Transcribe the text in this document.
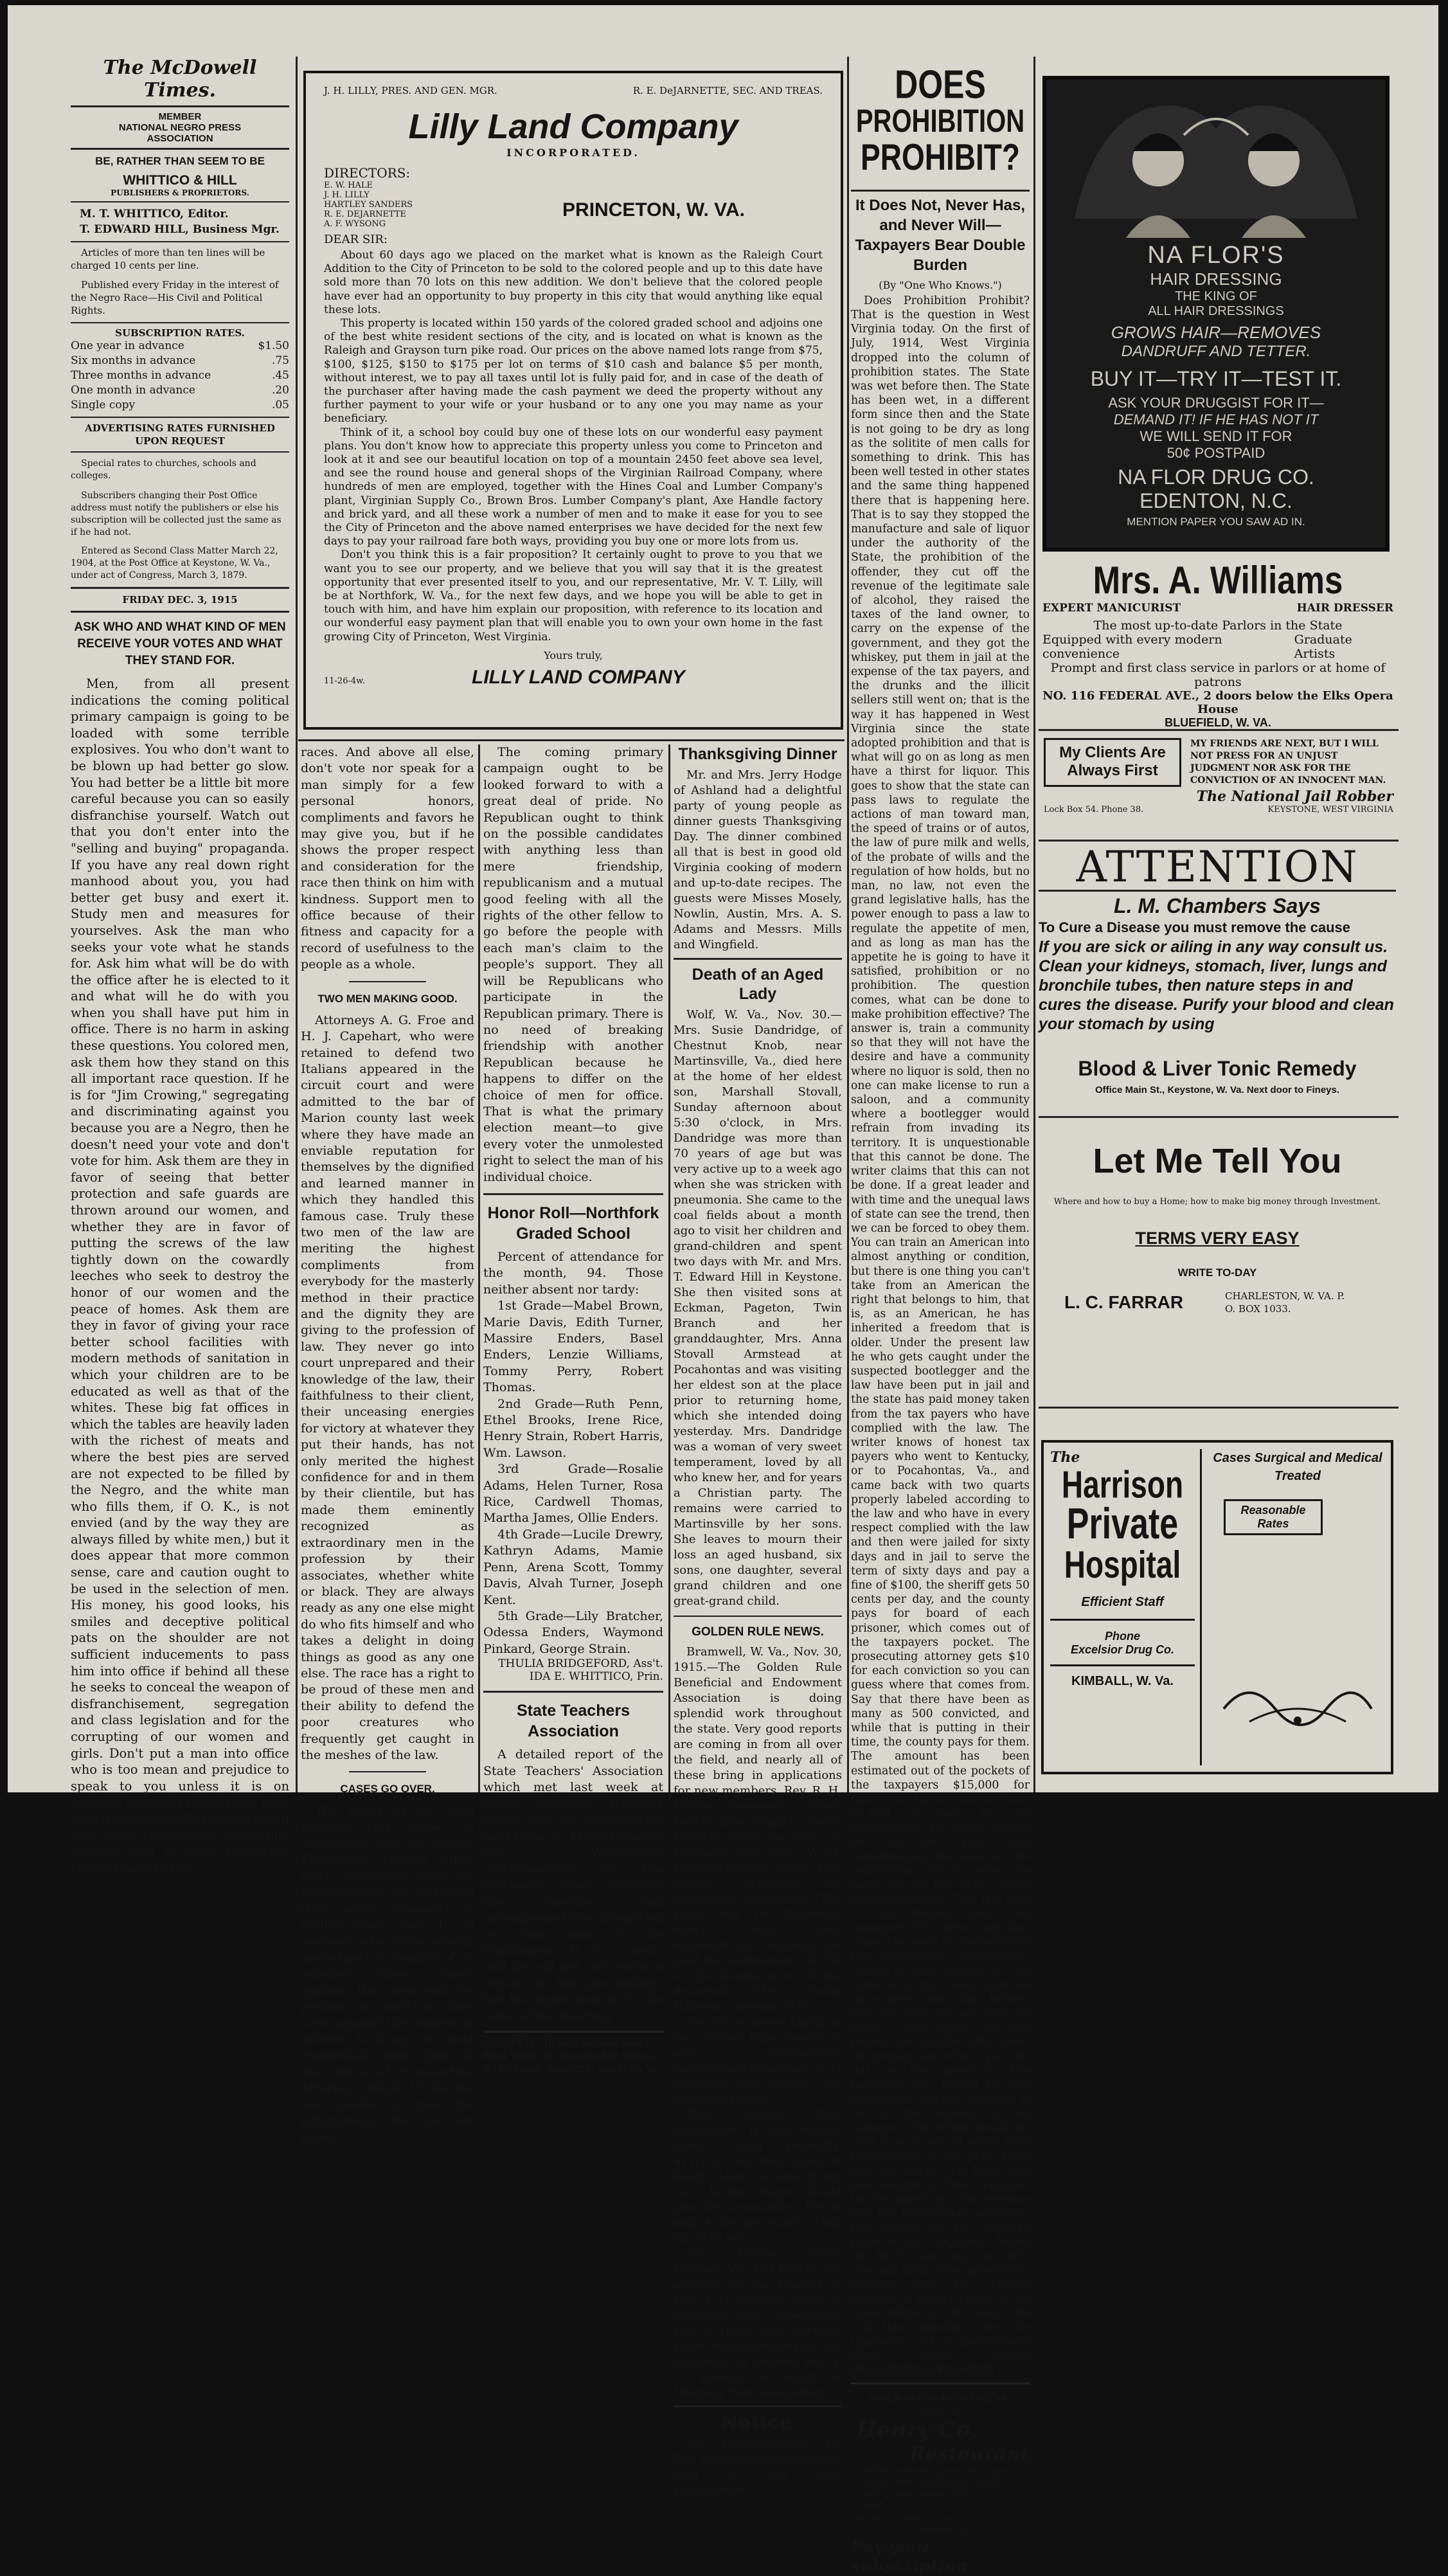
The McDowell Times.
MEMBER
NATIONAL NEGRO PRESS
ASSOCIATION
BE, RATHER THAN SEEM TO BE
WHITTICO & HILL
PUBLISHERS & PROPRIETORS.
M. T. WHITTICO, Editor.
T. EDWARD HILL, Business Mgr.

Articles of more than ten lines will be charged 10 cents per line.

Published every Friday in the interest of the Negro Race—His Civil and Political Rights.

SUBSCRIPTION RATES.
One year in advance	$1.50
Six months in advance	.75
Three months in advance	.45
One month in advance	.20
Single copy	.05
ADVERTISING RATES FURNISHED UPON REQUEST

Special rates to churches, schools and colleges.

Subscribers changing their Post Office address must notify the publishers or else his subscription will be collected just the same as if he had not.

Entered as Second Class Matter March 22, 1904, at the Post Office at Keystone, W. Va., under act of Congress, March 3, 1879.

FRIDAY DEC. 3, 1915
ASK WHO AND WHAT KIND OF MEN RECEIVE YOUR VOTES AND WHAT THEY STAND FOR.

Men, from all present indications the coming political primary campaign is going to be loaded with some terrible explosives. You who don't want to be blown up had better go slow. You had better be a little bit more careful because you can so easily disfranchise yourself. Watch out that you don't enter into the "selling and buying" propaganda. If you have any real down right manhood about you, you had better get busy and exert it. Study men and measures for yourselves. Ask the man who seeks your vote what he stands for. Ask him what will be do with the office after he is elected to it and what will he do with you when you shall have put him in office. There is no harm in asking these questions. You colored men, ask them how they stand on this all important race question. If he is for "Jim Crowing," segregating and discriminating against you because you are a Negro, then he doesn't need your vote and don't vote for him. Ask them are they in favor of seeing that better protection and safe guards are thrown around our women, and whether they are in favor of putting the screws of the law tightly down on the cowardly leeches who seek to destroy the honor of our women and the peace of homes. Ask them are they in favor of giving your race better school facilities with modern methods of sanitation in which your children are to be educated as well as that of the whites. These big fat offices in which the tables are heavily laden with the richest of meats and where the best pies are served are not expected to be filled by the Negro, and the white man who fills them, if O. K., is not envied (and by the way they are always filled by white men,) but it does appear that more common sense, care and caution ought to be used in the selection of men. His money, his good looks, his smiles and deceptive political pats on the shoulder are not sufficient inducements to pass him into office if behind all these he seeks to conceal the weapon of disfranchisement, segregation and class legislation and for the corrupting of our women and girls. Don't put a man into office who is too mean and prejudice to speak to you unless it is on election day. Don't vote for a man who is too cowardly prejudice and who won't recommend a capable, friendly and a more deserving colored man to the

J. H. LILLY, PRES. AND GEN. MGR.	R. E. DeJARNETTE, SEC. AND TREAS.
Lilly Land Company
INCORPORATED.
DIRECTORS:
E. W. HALE
J. H. LILLY
HARTLEY SANDERS
R. E. DEJARNETTE
A. F. WYSONG
PRINCETON, W. VA.
DEAR SIR:

About 60 days ago we placed on the market what is known as the Raleigh Court Addition to the City of Princeton to be sold to the colored people and up to this date have sold more than 70 lots on this new addition. We don't believe that the colored people have ever had an opportunity to buy property in this city that would anything like equal these lots.

This property is located within 150 yards of the colored graded school and adjoins one of the best white resident sections of the city, and is located on what is known as the Raleigh and Grayson turn pike road. Our prices on the above named lots range from $75, $100, $125, $150 to $175 per lot on terms of $10 cash and balance $5 per month, without interest, we to pay all taxes until lot is fully paid for, and in case of the death of the purchaser after having made the cash payment we deed the property without any further payment to your wife or your husband or to any one you may name as your beneficiary.

Think of it, a school boy could buy one of these lots on our wonderful easy payment plans. You don't know how to appreciate this property unless you come to Princeton and look at it and see our beautiful location on top of a mountain 2450 feet above sea level, and see the round house and general shops of the Virginian Railroad Company, where hundreds of men are employed, together with the Hines Coal and Lumber Company's plant, Virginian Supply Co., Brown Bros. Lumber Company's plant, Axe Handle factory and brick yard, and all these work a number of men and to make it ease for you to see the City of Princeton and the above named enterprises we have decided for the next few days to pay your railroad fare both ways, providing you buy one or more lots from us.

Don't you think this is a fair proposition? It certainly ought to prove to you that we want you to see our property, and we believe that you will say that it is the greatest opportunity that ever presented itself to you, and our representative, Mr. V. T. Lilly, will be at Northfork, W. Va., for the next few days, and we hope you will be able to get in touch with him, and have him explain our proposition, with reference to its location and our wonderful easy payment plan that will enable you to own your own home in the fast growing City of Princeton, West Virginia.

Yours truly,
11-26-4w.	LILLY LAND COMPANY

races. And above all else, don't vote nor speak for a man simply for a few personal honors, compliments and favors he may give you, but if he shows the proper respect and consideration for the race then think on him with kindness. Support men to office because of their fitness and capacity for a record of usefulness to the people as a whole.

TWO MEN MAKING GOOD.

Attorneys A. G. Froe and H. J. Capehart, who were retained to defend two Italians appeared in the circuit court and were admitted to the bar of Marion county last week where they have made an enviable reputation for themselves by the dignified and learned manner in which they handled this famous case. Truly these two men of the law are meriting the highest compliments from everybody for the masterly method in their practice and the dignity they are giving to the profession of law. They never go into court unprepared and their knowledge of the law, their faithfulness to their client, their unceasing energies for victory at whatever they put their hands, has not only merited the highest confidence for and in them by their clientile, but has made them eminently recognized as extraordinary men in the profession by their associates, whether white or black. They are always ready as any one else might do who fits himself and who takes a delight in doing things as good as any one else. The race has a right to be proud of these men and their ability to defend the poor creatures who frequently get caught in the meshes of the law.

CASES GO OVER.

The cases of the men indicted for rape in connection with the Mamie Flood-Lucy Cooper affair were continued until the January term of court and they were released on $5,000 bonds each. To all persons who have quietly and expect to inquire of us whether these cases against the men will be pushed as hard as they were against the women or allowed to drop, we most respectfully refer them to the office of Prosecuting Attorney, Welch, W. Va. We are unable to give the information. We do not know.

The coming primary campaign ought to be looked forward to with a great deal of pride. No Republican ought to think on the possible candidates with anything less than mere friendship, republicanism and a mutual good feeling with all the rights of the other fellow to go before the people with each man's claim to the people's support. They all will be Republicans who participate in the Republican primary. There is no need of breaking friendship with another Republican because he happens to differ on the choice of men for office. That is what the primary election meant—to give every voter the unmolested right to select the man of his individual choice.

Honor Roll—Northfork Graded School

Percent of attendance for the month, 94. Those neither absent nor tardy:

1st Grade—Mabel Brown, Marie Davis, Edith Turner, Massire Enders, Basel Enders, Lenzie Williams, Tommy Perry, Robert Thomas.

2nd Grade—Ruth Penn, Ethel Brooks, Irene Rice, Henry Strain, Robert Harris, Wm. Lawson.

3rd Grade—Rosalie Adams, Helen Turner, Rosa Rice, Cardwell Thomas, Martha James, Ollie Enders.

4th Grade—Lucile Drewry, Kathryn Adams, Mamie Penn, Arena Scott, Tommy Davis, Alvah Turner, Joseph Kent.

5th Grade—Lily Bratcher, Odessa Enders, Waymond Pinkard, George Strain.

THULIA BRIDGEFORD, Ass't.
IDA E. WHITTICO, Prin.
State Teachers Association

A detailed report of the State Teachers' Association which met last week at Storer College, Harper's Ferry, will be published in next issue. A. Mercer Daniel, the Washington correspondent of The McDowell Times attended the meeting and accompanied the delegation on their tour of the Washington, D. C., schools and he will not only write a report of the proceedings but his impression as to the value of the meeting.

WANTED—To buy second-hand Pool Table on reasonable terms. R. B. Scott, Box 224, Gary, W. Va.

Thanksgiving Dinner

Mr. and Mrs. Jerry Hodge of Ashland had a delightful party of young people as dinner guests Thanksgiving Day. The dinner combined all that is best in good old Virginia cooking of modern and up-to-date recipes. The guests were Misses Mosely, Nowlin, Austin, Mrs. A. S. Adams and Messrs. Mills and Wingfield.

Death of an Aged Lady

Wolf, W. Va., Nov. 30.—Mrs. Susie Dandridge, of Chestnut Knob, near Martinsville, Va., died here at the home of her eldest son, Marshall Stovall, Sunday afternoon about 5:30 o'clock, in Mrs. Dandridge was more than 70 years of age but was very active up to a week ago when she was stricken with pneumonia. She came to the coal fields about a month ago to visit her children and grand-children and spent two days with Mr. and Mrs. T. Edward Hill in Keystone. She then visited sons at Eckman, Pageton, Twin Branch and her granddaughter, Mrs. Anna Stovall Armstead at Pocahontas and was visiting her eldest son at the place prior to returning home, which she intended doing yesterday. Mrs. Dandridge was a woman of very sweet temperament, loved by all who knew her, and for years a Christian party. The remains were carried to Martinsville by her sons. She leaves to mourn their loss an aged husband, six sons, one daughter, several grand children and one great-grand child.

GOLDEN RULE NEWS.

Bramwell, W. Va., Nov. 30, 1915.—The Golden Rule Beneficial and Endowment Association is doing splendid work throughout the state. Very good reports are coming in from all over the field, and nearly all of these bring in applications for new members. Rev. R. H. McKoy, president, visited Lovely Zion Baptist church Monday night the 29th, in company with Revs. W. H. Mitchell and J. E. Pryor. Rev. McKoy delivered an interesting address on "The Race and Its Business" which was very appreciatively received, and paid the endowment of $50 to the beneficiaries of the deceased Mrs. Callie Hairston. Amount $110.

Rev. Pryor spoke highly of the Golden Rule Beneficial and Endowment Association, being one of its members and officers and urged all to join.

The Golden Rule Association is still moving every claim promptly. $11,110 has been paid in death claims to date. Every race loving Negro should join this association. Fee is only $1.00 per month. Only $2.50 to join.

Rev. McKoy visited Graham, Va., last Friday and assisted in the funeral of Rev. J. D. Haskin, agent of Morning Star Association. Rev. W. Hicks, Mrs. Cornelia Ward was appointed by the president to succeed Rev. J. D. Haskin as agent of Morning Star Association.

Notice

The Representative for The McDowell Times will be glad to get your subscription.

DOES
PROHIBITION
PROHIBIT?
It Does Not, Never Has, and Never Will—Taxpayers Bear Double Burden
(By "One Who Knows.")

Does Prohibition Prohibit? That is the question in West Virginia today. On the first of July, 1914, West Virginia dropped into the column of prohibition states. The State was wet before then. The State has been wet, in a different form since then and the State is not going to be dry as long as the solitite of men calls for something to drink. This has been well tested in other states and the same thing happened there that is happening here. That is to say they stopped the manufacture and sale of liquor under the authority of the State, the prohibition of the offender, they cut off the revenue of the legitimate sale of alcohol, they raised the taxes of the land owner, to carry on the expense of the government, and they got the whiskey, put them in jail at the expense of the tax payers, and the drunks and the illicit sellers still went on; that is the way it has happened in West Virginia since the state adopted prohibition and that is what will go on as long as men have a thirst for liquor. This goes to show that the state can pass laws to regulate the actions of man toward man, the speed of trains or of autos, the law of pure milk and wells, of the probate of wills and the regulation of how holds, but no man, no law, not even the grand legislative halls, has the power enough to pass a law to regulate the appetite of men, and as long as man has the appetite he is going to have it satisfied, prohibition or no prohibition. The question comes, what can be done to make prohibition effective? The answer is, train a community so that they will not have the desire and have a community where no liquor is sold, then no one can make license to run a saloon, and a community where a bootlegger would refrain from invading its territory. It is unquestionable that this cannot be done. The writer claims that this can not be done. If a great leader and with time and the unequal laws of state can see the trend, then we can be forced to obey them. You can train an American into almost anything or condition, but there is one thing you can't take from an American the right that belongs to him, that is, as an American, he has inherited a freedom that is older. Under the present law he who gets caught under the suspected bootlegger and the law have been put in jail and the state has paid money taken from the tax payers who have complied with the law. The writer knows of honest tax payers who went to Kentucky, or to Pocahontas, Va., and came back with two quarts properly labeled according to the law and who have in every respect complied with the law and then were jailed for sixty days and in jail to serve the term of sixty days and pay a fine of $100, the sheriff gets 50 cents per day, and the county pays for board of each prisoner, which comes out of the taxpayers pocket. The prosecuting attorney gets $10 for each conviction so you can guess where that comes from. Say that there have been as many as 500 convicted, and while that is putting in their time, the county pays for them. The amount has been estimated out of the pockets of the taxpayers $15,000 for board for these violators and $5,000 in fees to the prosecution. In these figures we do not take into consideration the loss of the prohibition officers who are paid out of the state funds $150 per month. That is a part of the burden upon the taxpayers. The writer says that crime has been increased since the prohibition amendment. Crime in this country is the same as it has been, and we have more now than before. Stop the sale and you stop the crime. Then again, the tax payers who pay the bills under the present law who is pay the bill, is the question. The taxpayers are paying for the prohibition officers, and that is too at the expense of the taxpayer. The writer would be glad if each and all would take their places in the plain facts and say, Liquor has been sold and bought in West Virginia; the tax payers pay the revenue and the bootleggers pocket it; the drunks at the expense price of the taxpayers. When the BLUE laws and the BEE can only furnish the prohibition officers, and the twenty millions of dollars spent in the state militia in the fields. We ask this question, are the taxpayers sick of prohibition? Then comes, DOES PROHIBITION PROHIBIT?

WHEN IN POCAHONTAS, VA.
Eat at the
Henry Co.
Restaurant

All the attention possible is paid to you here at all times. Neatly and quietly served. Give us a trial.

HENRY CO. RESTAURANT, Pocahontas, Va. B. C. Meredith, Prop.
Pay your subscription.
NA FLOR'S
HAIR DRESSING
THE KING OF
ALL HAIR DRESSINGS
GROWS HAIR—REMOVES
DANDRUFF AND TETTER.
BUY IT—TRY IT—TEST IT.
ASK YOUR DRUGGIST FOR IT—
DEMAND IT! IF HE HAS NOT IT
WE WILL SEND IT FOR
50¢ POSTPAID
NA FLOR DRUG CO.
EDENTON, N.C.
MENTION PAPER YOU SAW AD IN.
Mrs. A. Williams
EXPERT MANICURIST	HAIR DRESSER
The most up-to-date Parlors in the State
Equipped with every modern convenience
Graduate Artists
Prompt and first class service in parlors or at home of patrons
NO. 116 FEDERAL AVE., 2 doors below the Elks Opera House
BLUEFIELD, W. VA.
My Clients Are Always First

MY FRIENDS ARE NEXT, BUT I WILL NOT PRESS FOR AN UNJUST JUDGMENT NOR ASK FOR THE CONVICTION OF AN INNOCENT MAN.

The National Jail Robber
Lock Box 54. Phone 38.	KEYSTONE, WEST VIRGINIA
ATTENTION
L. M. Chambers Says
To Cure a Disease you must remove the cause

If you are sick or ailing in any way consult us. Clean your kidneys, stomach, liver, lungs and bronchile tubes, then nature steps in and cures the disease. Purify your blood and clean your stomach by using

Blood & Liver Tonic Remedy
Office Main St., Keystone, W. Va. Next door to Fineys.
Let Me Tell You
Where and how to buy a Home; how to make big money through Investment.
TERMS VERY EASY
WRITE TO-DAY
L. C. FARRAR	CHARLESTON, W. VA. P. O. BOX 1033.
The
Harrison
Private
Hospital
Efficient Staff
Phone
Excelsior Drug Co.
KIMBALL, W. Va.
Cases Surgical and Medical Treated
Reasonable Rates
